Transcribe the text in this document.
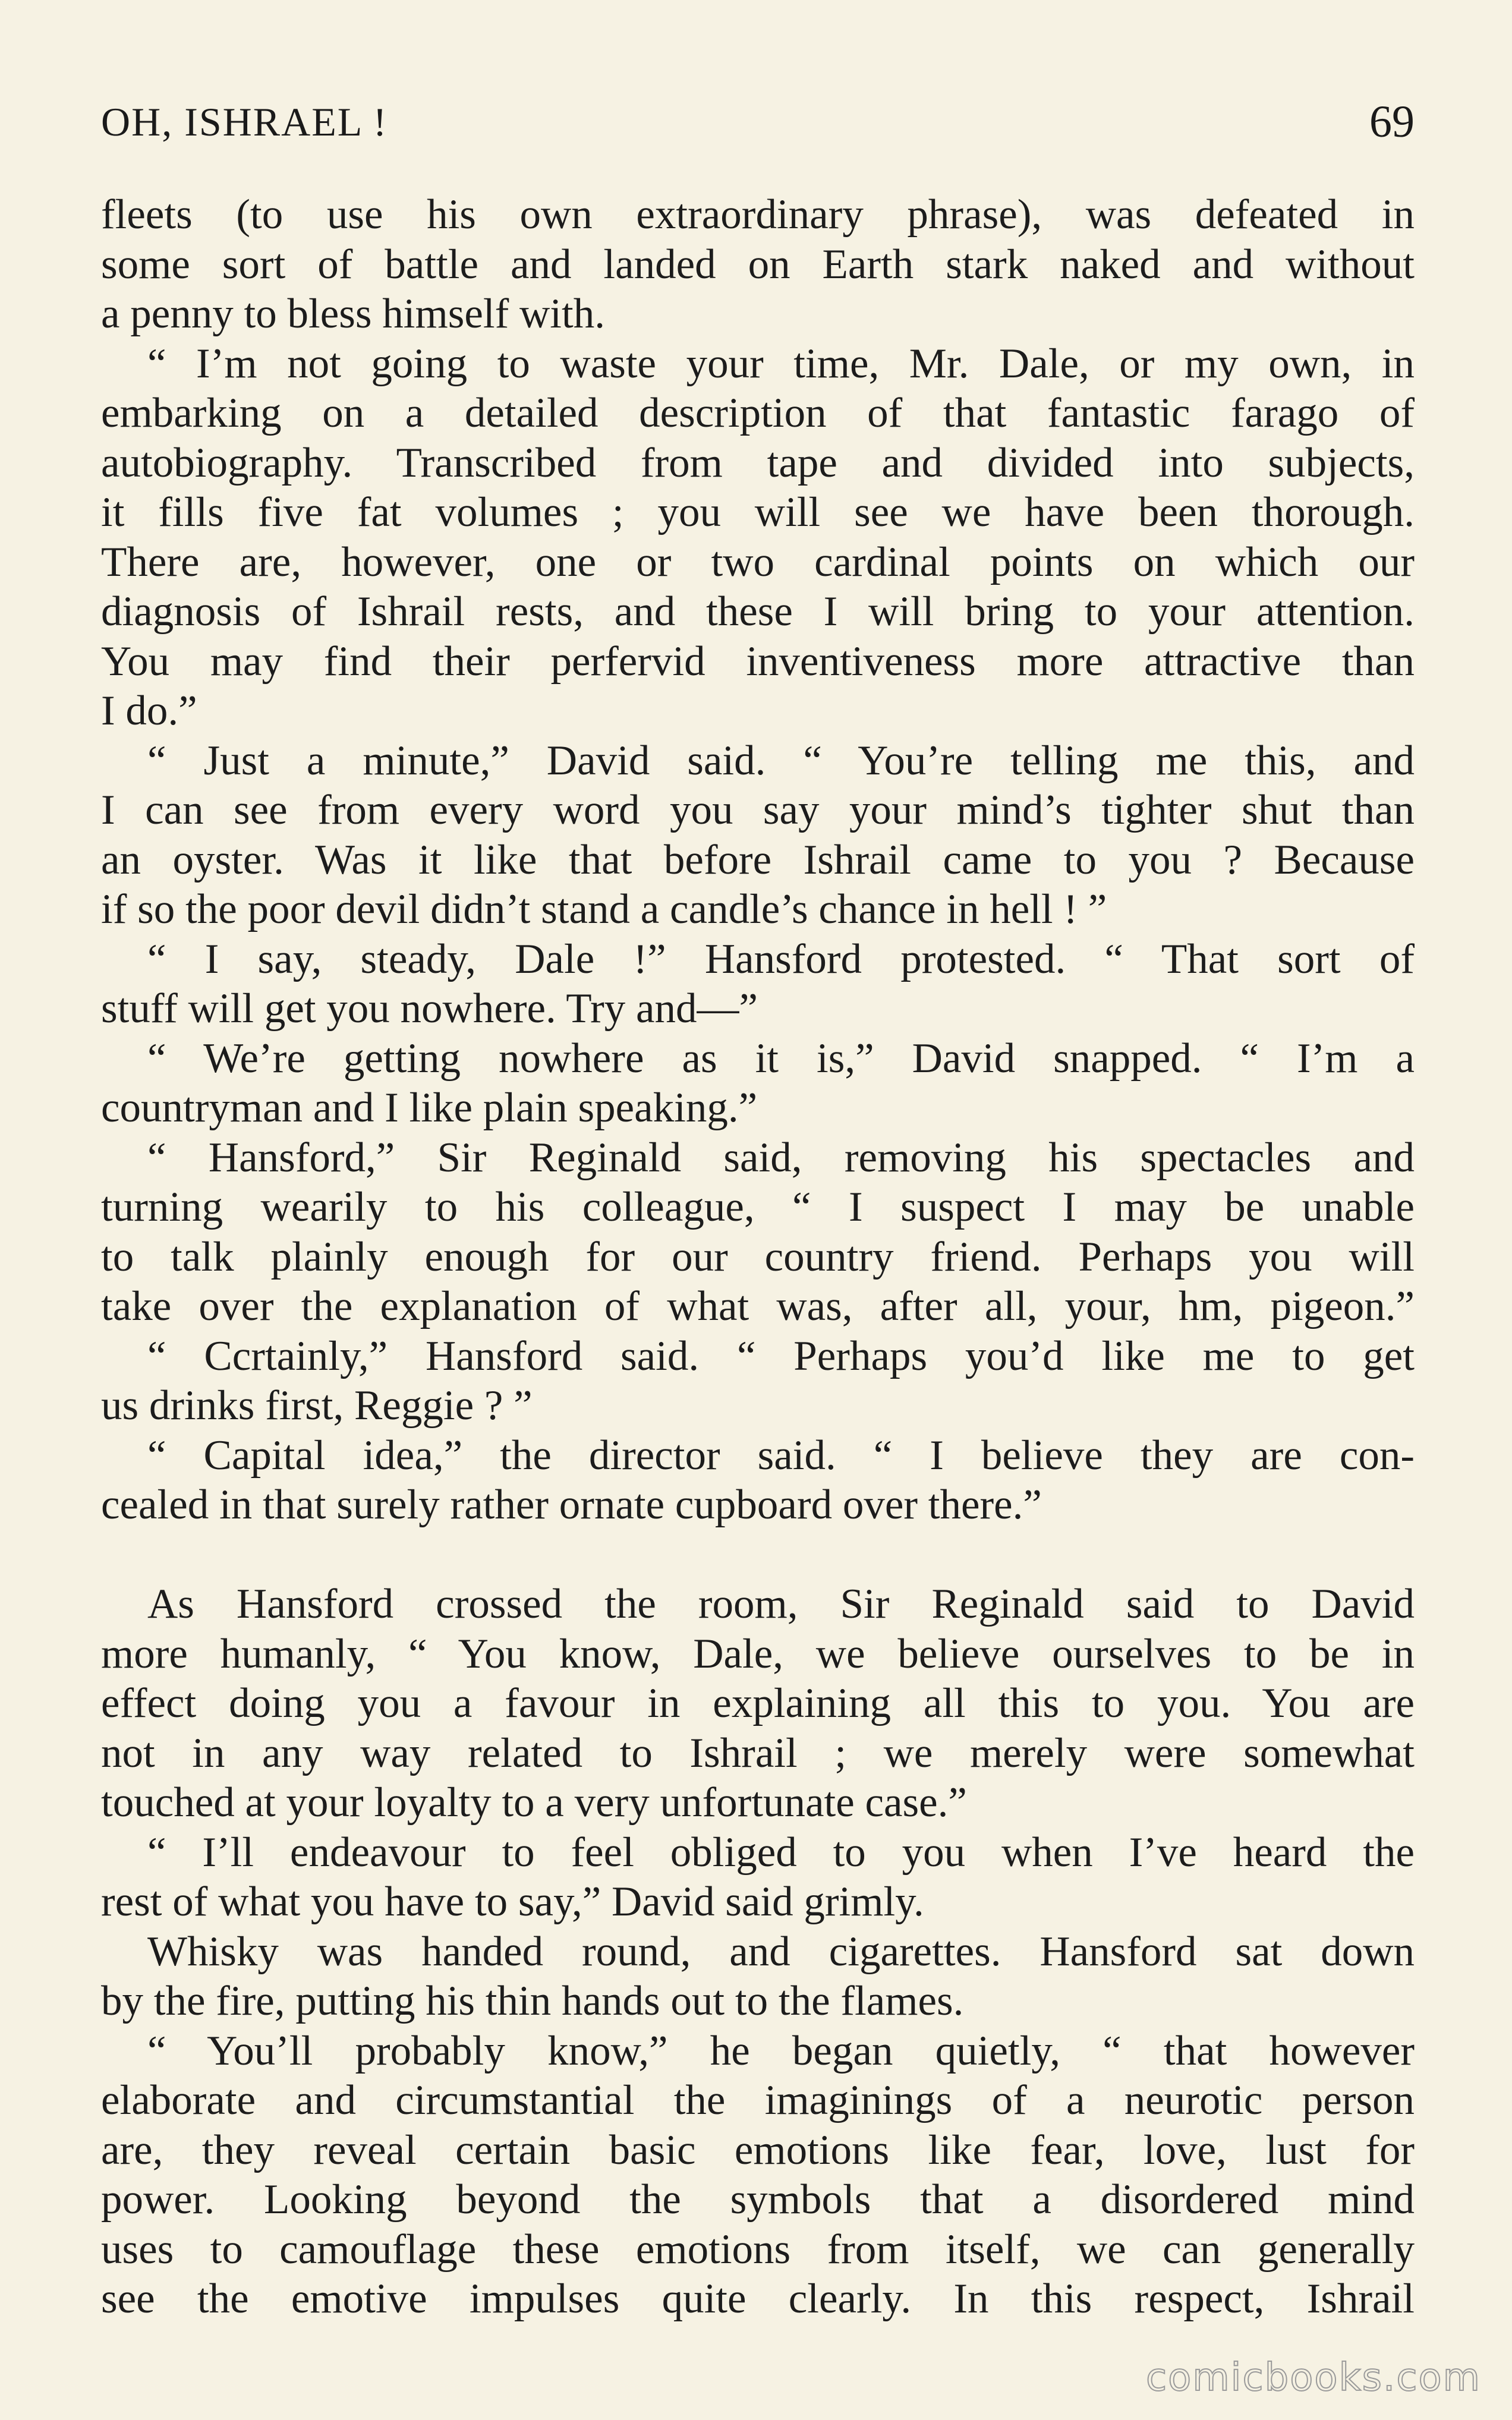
OH, ISHRAEL !	69
fleets (to use his own extraordinary phrase), was defeated in
some sort of battle and landed on Earth stark naked and without
a penny to bless himself with.
“ I’m not going to waste your time, Mr. Dale, or my own, in
embarking on a detailed description of that fantastic farago of
autobiography. Transcribed from tape and divided into subjects,
it fills five fat volumes ; you will see we have been thorough.
There are, however, one or two cardinal points on which our
diagnosis of Ishrail rests, and these I will bring to your attention.
You may find their perfervid inventiveness more attractive than
I do.”
“ Just a minute,” David said. “ You’re telling me this, and
I can see from every word you say your mind’s tighter shut than
an oyster. Was it like that before Ishrail came to you ? Because
if so the poor devil didn’t stand a candle’s chance in hell ! ”
“ I say, steady, Dale !” Hansford protested. “ That sort of
stuff will get you nowhere. Try and—”
“ We’re getting nowhere as it is,” David snapped. “ I’m a
countryman and I like plain speaking.”
“ Hansford,” Sir Reginald said, removing his spectacles and
turning wearily to his colleague, “ I suspect I may be unable
to talk plainly enough for our country friend. Perhaps you will
take over the explanation of what was, after all, your, hm, pigeon.”
“ Ccrtainly,” Hansford said. “ Perhaps you’d like me to get
us drinks first, Reggie ? ”
“ Capital idea,” the director said. “ I believe they are con-
cealed in that surely rather ornate cupboard over there.”
As Hansford crossed the room, Sir Reginald said to David
more humanly, “ You know, Dale, we believe ourselves to be in
effect doing you a favour in explaining all this to you. You are
not in any way related to Ishrail ; we merely were somewhat
touched at your loyalty to a very unfortunate case.”
“ I’ll endeavour to feel obliged to you when I’ve heard the
rest of what you have to say,” David said grimly.
Whisky was handed round, and cigarettes. Hansford sat down
by the fire, putting his thin hands out to the flames.
“ You’ll probably know,” he began quietly, “ that however
elaborate and circumstantial the imaginings of a neurotic person
are, they reveal certain basic emotions like fear, love, lust for
power. Looking beyond the symbols that a disordered mind
uses to camouflage these emotions from itself, we can generally
see the emotive impulses quite clearly. In this respect, Ishrail
comicbooks.com
